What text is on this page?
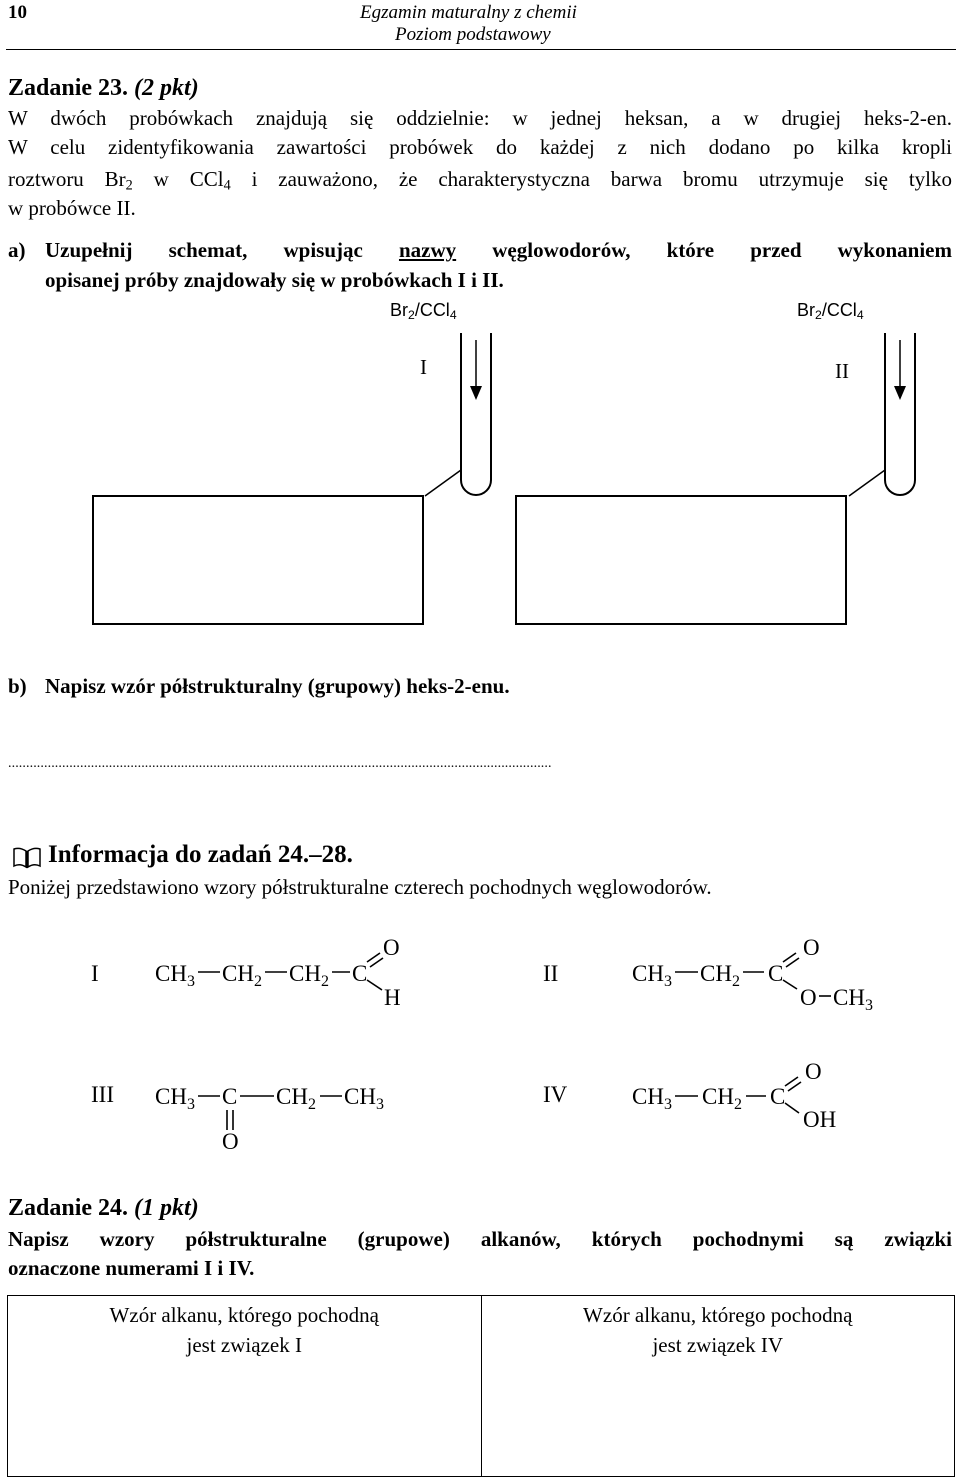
10	Egzamin maturalny z chemii
Poziom podstawowy
Zadanie 23. (2 pkt)
W dwóch probówkach znajdują się oddzielnie: w jednej heksan, a w drugiej heks-2-en.
W celu zidentyfikowania zawartości probówek do każdej z nich dodano po kilka kropli
roztworu $Br_2$ w CCl$_4$ i zauważono, że charakterystyczna barwa bromu utrzymuje się tylko
w probówce II.
a) Uzupełnij schemat, wpisując nazwy węglowodorów, które przed wykonaniem
opisanej próby znajdowały się w probówkach I i II.
$Br_2/CCl_4$	$Br_2/CCl_4$
I	II
b) Napisz wzór półstrukturalny (grupowy) heks-2-enu.
.......................................................................................................................................................
Informacja do zadań 24.–28.
Poniżej przedstawiono wzory półstrukturalne czterech pochodnych węglowodorów.
I $CH_3$ $CH_2$ $CH_2$ C
O
H
II	$CH_3$ $CH_2$ C
O
O $CH_3$
III $CH_3$ C $CH_2$ $CH_3$
O
IV	$CH_3$ $CH_2$ C
O
OH
Zadanie 24. (1 pkt)
Napisz wzory półstrukturalne (grupowe) alkanów, których pochodnymi są związki
oznaczone numerami I i IV.
Wzór alkanu, którego pochodną
jest związek I

Wzór alkanu, którego pochodną
jest związek IV
